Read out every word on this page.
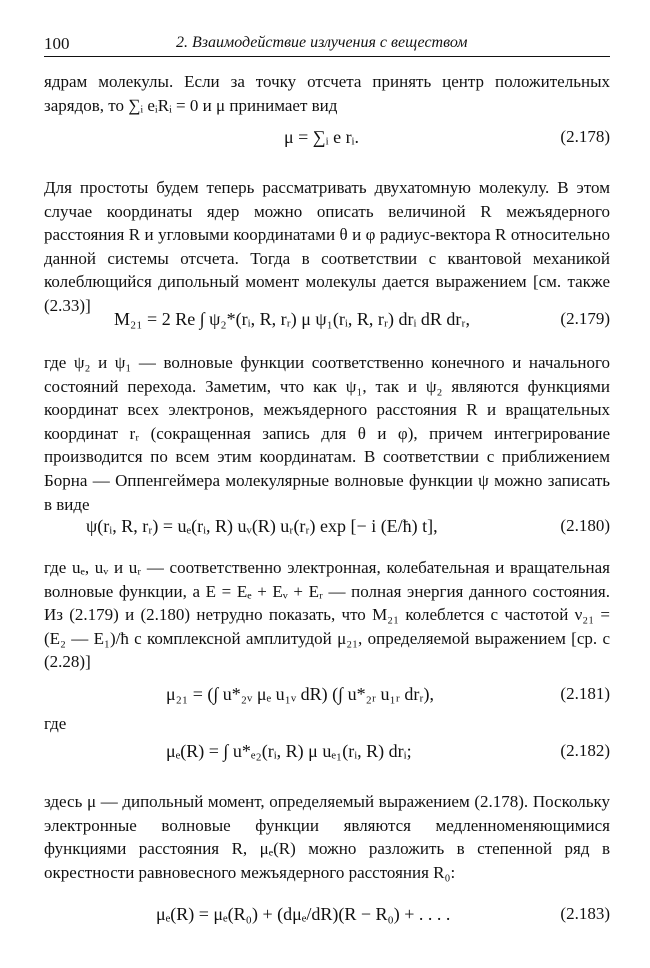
100	2. Взаимодействие излучения с веществом

ядрам молекулы. Если за точку отсчета принять центр положительных зарядов, то ∑ᵢ eᵢRᵢ = 0 и μ принимает вид

μ = ∑ᵢ e rᵢ.	(2.178)

Для простоты будем теперь рассматривать двухатомную молекулу. В этом случае координаты ядер можно описать величиной R межъядерного расстояния R и угловыми координатами θ и φ радиус-вектора R относительно данной системы отсчета. Тогда в соответствии с квантовой механикой колеблющийся дипольный момент молекулы дается выражением [см. также (2.33)]

M₂₁ = 2 Re ∫ ψ₂*(rᵢ, R, rᵣ) μ ψ₁(rᵢ, R, rᵣ) drᵢ dR drᵣ,	(2.179)

где ψ₂ и ψ₁ — волновые функции соответственно конечного и начального состояний перехода. Заметим, что как ψ₁, так и ψ₂ являются функциями координат всех электронов, межъядерного расстояния R и вращательных координат rᵣ (сокращенная запись для θ и φ), причем интегрирование производится по всем этим координатам. В соответствии с приближением Борна — Оппенгеймера молекулярные волновые функции ψ можно записать в виде

ψ(rᵢ, R, rᵣ) = uₑ(rᵢ, R) uᵥ(R) uᵣ(rᵣ) exp [− i (E/ħ) t],	(2.180)

где uₑ, uᵥ и uᵣ — соответственно электронная, колебательная и вращательная волновые функции, а E = Eₑ + Eᵥ + Eᵣ — полная энергия данного состояния. Из (2.179) и (2.180) нетрудно показать, что M₂₁ колеблется с частотой ν₂₁ = (E₂ — E₁)/ħ с комплексной амплитудой μ₂₁, определяемой выражением [ср. с (2.28)]

μ₂₁ = (∫ u*₂ᵥ μₑ u₁ᵥ dR) (∫ u*₂ᵣ u₁ᵣ drᵣ),	(2.181)
где
μₑ(R) = ∫ u*ₑ₂(rᵢ, R) μ uₑ₁(rᵢ, R) drᵢ;	(2.182)

здесь μ — дипольный момент, определяемый выражением (2.178). Поскольку электронные волновые функции являются медленноменяющимися функциями расстояния R, μₑ(R) можно разложить в степенной ряд в окрестности равновесного межъядерного расстояния R₀:

μₑ(R) = μₑ(R₀) + (dμₑ/dR)(R − R₀) + . . . .	(2.183)
